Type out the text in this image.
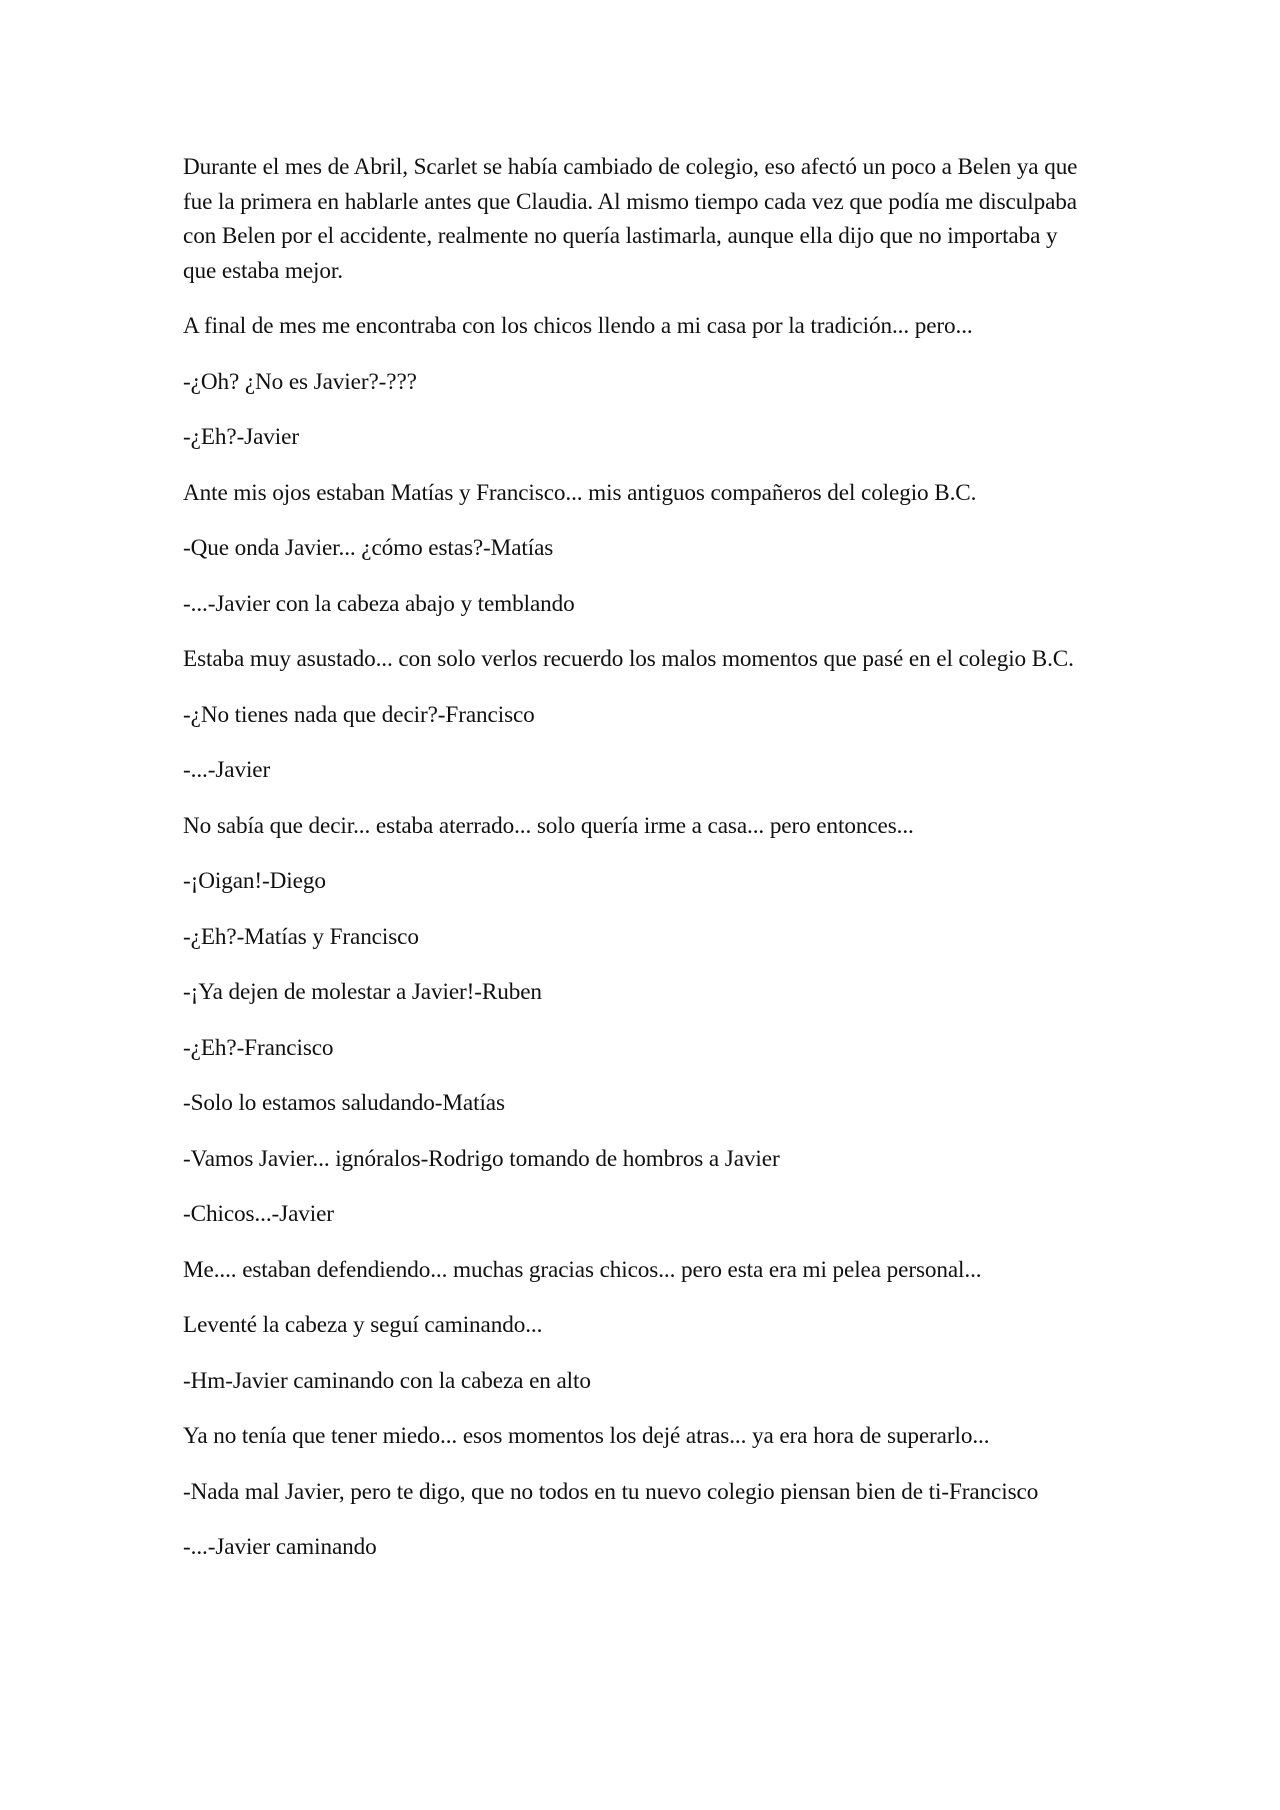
Durante el mes de Abril, Scarlet se había cambiado de colegio, eso afectó un poco a Belen ya que fue la primera en hablarle antes que Claudia. Al mismo tiempo cada vez que podía me disculpaba con Belen por el accidente, realmente no quería lastimarla, aunque ella dijo que no importaba y que estaba mejor.

A final de mes me encontraba con los chicos llendo a mi casa por la tradición... pero...

-¿Oh? ¿No es Javier?-???

-¿Eh?-Javier

Ante mis ojos estaban Matías y Francisco... mis antiguos compañeros del colegio B.C.

-Que onda Javier... ¿cómo estas?-Matías

-...-Javier con la cabeza abajo y temblando

Estaba muy asustado... con solo verlos recuerdo los malos momentos que pasé en el colegio B.C.

-¿No tienes nada que decir?-Francisco

-...-Javier

No sabía que decir... estaba aterrado... solo quería irme a casa... pero entonces...

-¡Oigan!-Diego

-¿Eh?-Matías y Francisco

-¡Ya dejen de molestar a Javier!-Ruben

-¿Eh?-Francisco

-Solo lo estamos saludando-Matías

-Vamos Javier... ignóralos-Rodrigo tomando de hombros a Javier

-Chicos...-Javier

Me.... estaban defendiendo... muchas gracias chicos... pero esta era mi pelea personal...

Leventé la cabeza y seguí caminando...

-Hm-Javier caminando con la cabeza en alto

Ya no tenía que tener miedo... esos momentos los dejé atras... ya era hora de superarlo...

-Nada mal Javier, pero te digo, que no todos en tu nuevo colegio piensan bien de ti-Francisco

-...-Javier caminando
